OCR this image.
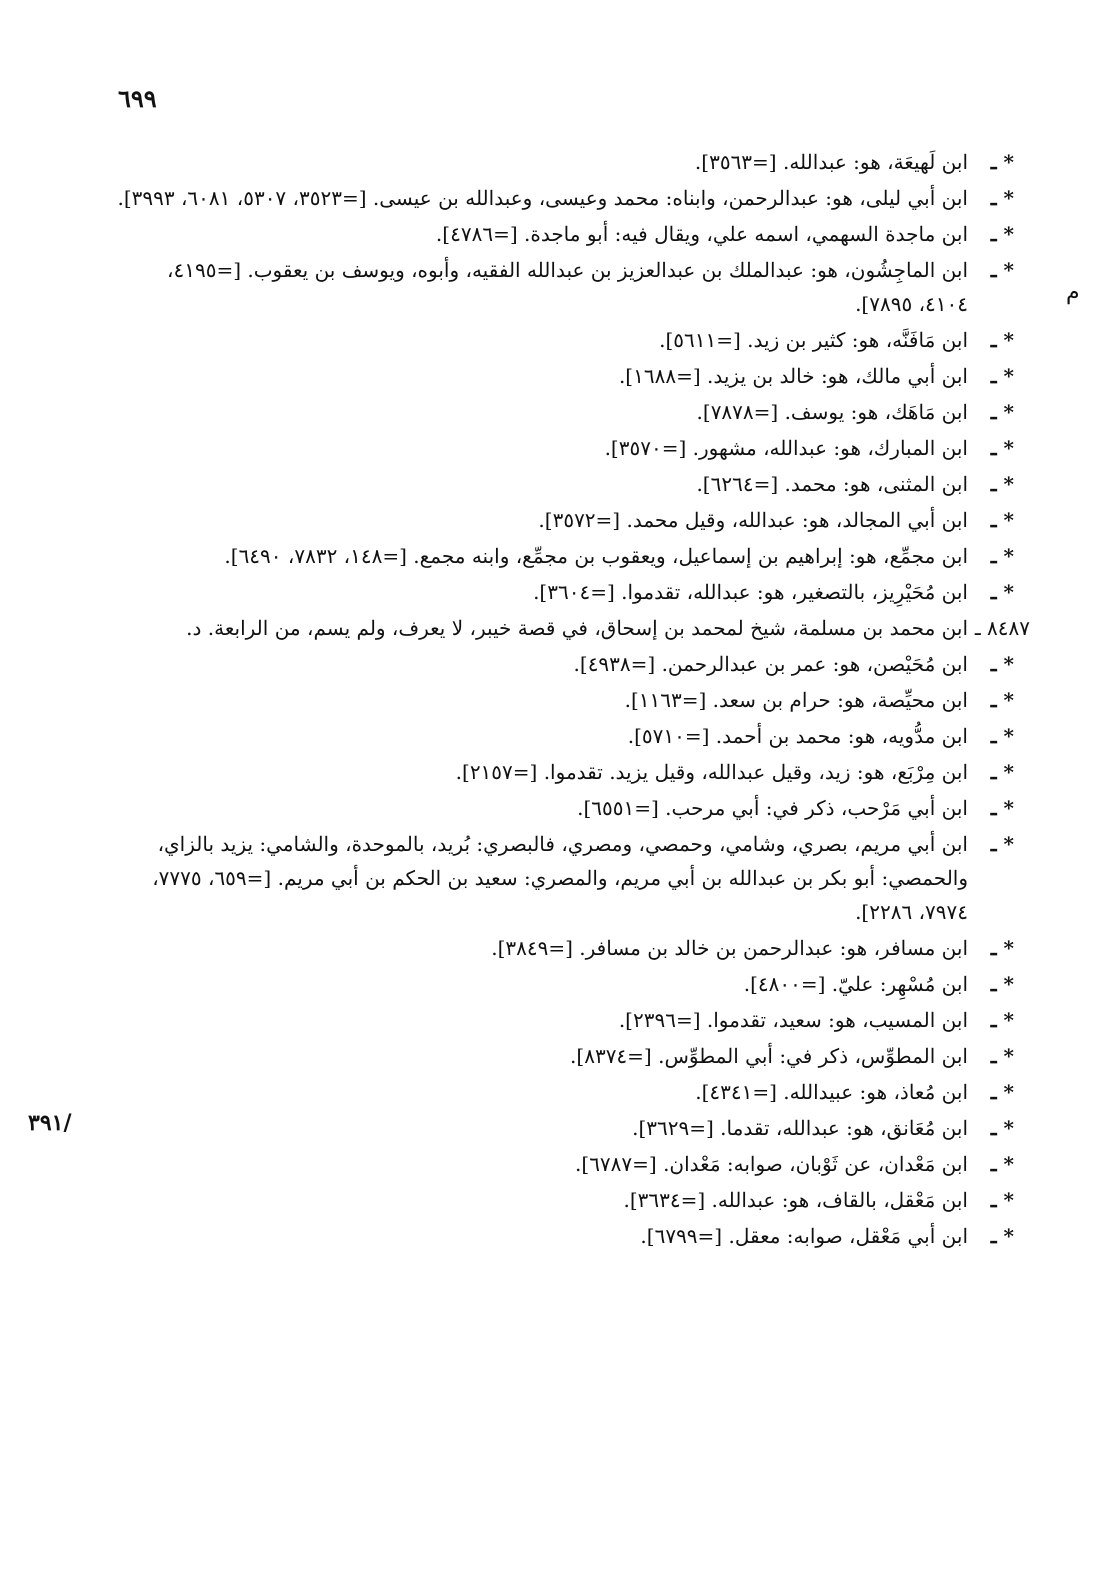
٦٩٩
م
/٣٩١
* ـ
ابن لَهيعَة، هو: عبدالله. [=٣٥٦٣].
* ـ
ابن أبي ليلى، هو: عبدالرحمن، وابناه: محمد وعيسى، وعبدالله بن عيسى. [=٣٥٢٣، ٥٣٠٧، ٦٠٨١، ٣٩٩٣].
* ـ
ابن ماجدة السهمي، اسمه علي، ويقال فيه: أبو ماجدة. [=٤٧٨٦].
* ـ
ابن الماجِشُون، هو: عبدالملك بن عبدالعزيز بن عبدالله الفقيه، وأبوه، ويوسف بن يعقوب. [=٤١٩٥، ٤١٠٤، ٧٨٩٥].
* ـ
ابن مَافَنَّه، هو: كثير بن زيد. [=٥٦١١].
* ـ
ابن أبي مالك، هو: خالد بن يزيد. [=١٦٨٨].
* ـ
ابن مَاهَك، هو: يوسف. [=٧٨٧٨].
* ـ
ابن المبارك، هو: عبدالله، مشهور. [=٣٥٧٠].
* ـ
ابن المثنى، هو: محمد. [=٦٢٦٤].
* ـ
ابن أبي المجالد، هو: عبدالله، وقيل محمد. [=٣٥٧٢].
* ـ
ابن مجمِّع، هو: إبراهيم بن إسماعيل، ويعقوب بن مجمِّع، وابنه مجمع. [=١٤٨، ٧٨٣٢، ٦٤٩٠].
* ـ
ابن مُحَيْرِيز، بالتصغير، هو: عبدالله، تقدموا. [=٣٦٠٤].
٨٤٨٧ ـ
ابن محمد بن مسلمة، شيخ لمحمد بن إسحاق، في قصة خيبر، لا يعرف، ولم يسم، من الرابعة. د.
* ـ
ابن مُحَيْصن، هو: عمر بن عبدالرحمن. [=٤٩٣٨].
* ـ
ابن محيِّصة، هو: حرام بن سعد. [=١١٦٣].
* ـ
ابن مدُّويه، هو: محمد بن أحمد. [=٥٧١٠].
* ـ
ابن مِرْبَع، هو: زيد، وقيل عبدالله، وقيل يزيد. تقدموا. [=٢١٥٧].
* ـ
ابن أبي مَرْحب، ذكر في: أبي مرحب. [=٦٥٥١].
* ـ
ابن أبي مريم، بصري، وشامي، وحمصي، ومصري، فالبصري: بُريد، بالموحدة، والشامي: يزيد بالزاي، والحمصي: أبو بكر بن عبدالله بن أبي مريم، والمصري: سعيد بن الحكم بن أبي مريم. [=٦٥٩، ٧٧٧٥، ٧٩٧٤، ٢٢٨٦].
* ـ
ابن مسافر، هو: عبدالرحمن بن خالد بن مسافر. [=٣٨٤٩].
* ـ
ابن مُسْهِر: عليّ. [=٤٨٠٠].
* ـ
ابن المسيب، هو: سعيد، تقدموا. [=٢٣٩٦].
* ـ
ابن المطوِّس، ذكر في: أبي المطوِّس. [=٨٣٧٤].
* ـ
ابن مُعاذ، هو: عبيدالله. [=٤٣٤١].
* ـ
ابن مُعَانق، هو: عبدالله، تقدما. [=٣٦٢٩].
* ـ
ابن مَعْدان، عن ثَوْبان، صوابه: مَعْدان. [=٦٧٨٧].
* ـ
ابن مَعْقل، بالقاف، هو: عبدالله. [=٣٦٣٤].
* ـ
ابن أبي مَعْقل، صوابه: معقل. [=٦٧٩٩].
